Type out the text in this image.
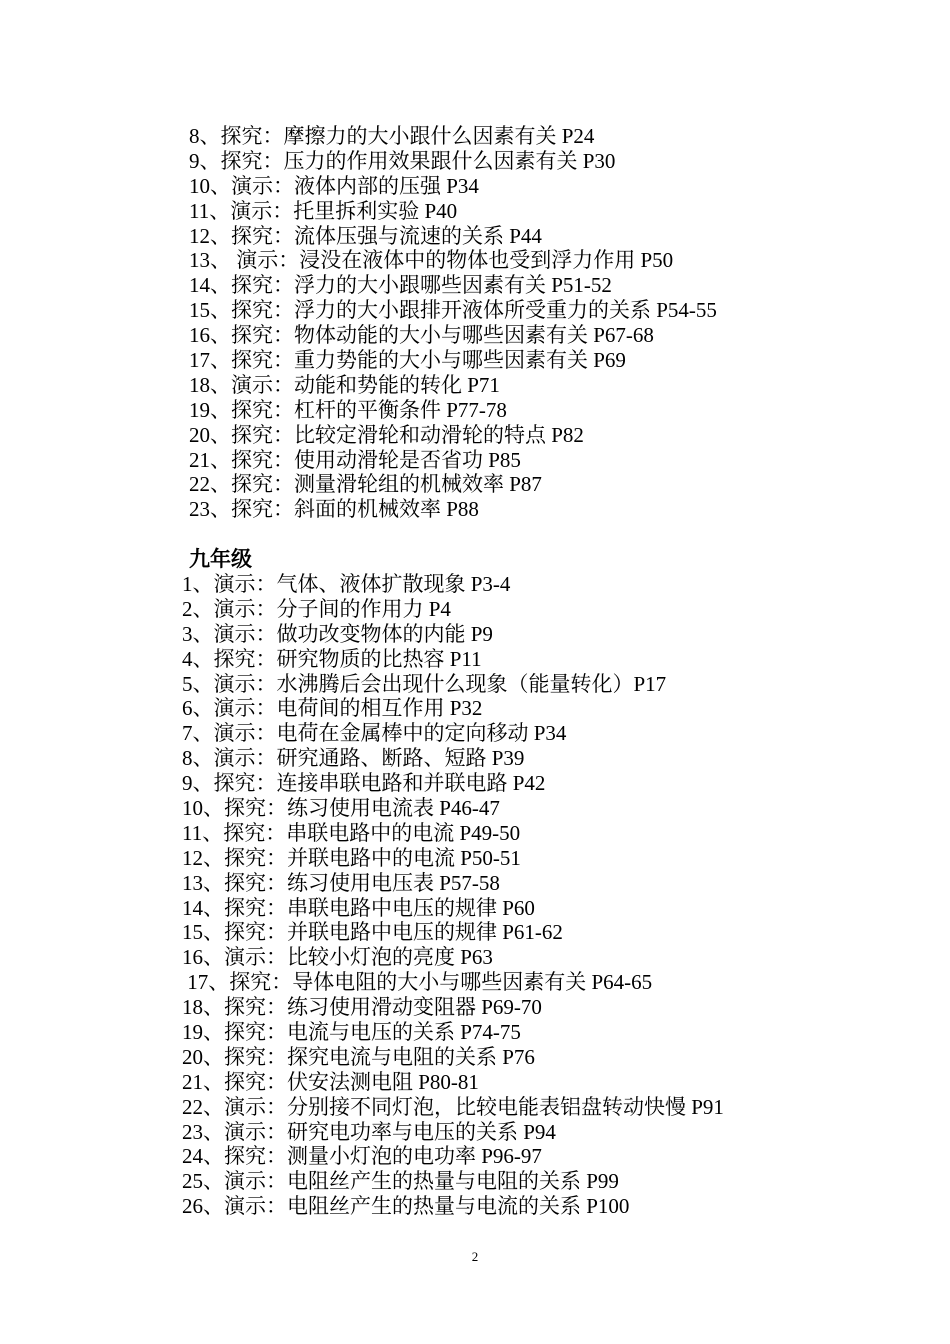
8、探究：摩擦力的大小跟什么因素有关 P24
9、探究：压力的作用效果跟什么因素有关 P30
10、演示：液体内部的压强 P34
11、演示：托里拆利实验 P40
12、探究：流体压强与流速的关系 P44
13、 演示：浸没在液体中的物体也受到浮力作用 P50
14、探究：浮力的大小跟哪些因素有关 P51-52
15、探究：浮力的大小跟排开液体所受重力的关系 P54-55
16、探究：物体动能的大小与哪些因素有关 P67-68
17、探究：重力势能的大小与哪些因素有关 P69
18、演示：动能和势能的转化 P71
19、探究：杠杆的平衡条件 P77-78
20、探究：比较定滑轮和动滑轮的特点 P82
21、探究：使用动滑轮是否省功 P85
22、探究：测量滑轮组的机械效率 P87
23、探究：斜面的机械效率 P88
九年级
1、演示：气体、液体扩散现象 P3-4
2、演示：分子间的作用力 P4
3、演示：做功改变物体的内能 P9
4、探究：研究物质的比热容 P11
5、演示：水沸腾后会出现什么现象（能量转化）P17
6、演示：电荷间的相互作用 P32
7、演示：电荷在金属棒中的定向移动 P34
8、演示：研究通路、断路、短路 P39
9、探究：连接串联电路和并联电路 P42
10、探究：练习使用电流表 P46-47
11、探究：串联电路中的电流 P49-50
12、探究：并联电路中的电流 P50-51
13、探究：练习使用电压表 P57-58
14、探究：串联电路中电压的规律 P60
15、探究：并联电路中电压的规律 P61-62
16、演示：比较小灯泡的亮度 P63
17、探究：导体电阻的大小与哪些因素有关 P64-65
18、探究：练习使用滑动变阻器 P69-70
19、探究：电流与电压的关系 P74-75
20、探究：探究电流与电阻的关系 P76
21、探究：伏安法测电阻 P80-81
22、演示：分别接不同灯泡，比较电能表铝盘转动快慢 P91
23、演示：研究电功率与电压的关系 P94
24、探究：测量小灯泡的电功率 P96-97
25、演示：电阻丝产生的热量与电阻的关系 P99
26、演示：电阻丝产生的热量与电流的关系 P100
2
